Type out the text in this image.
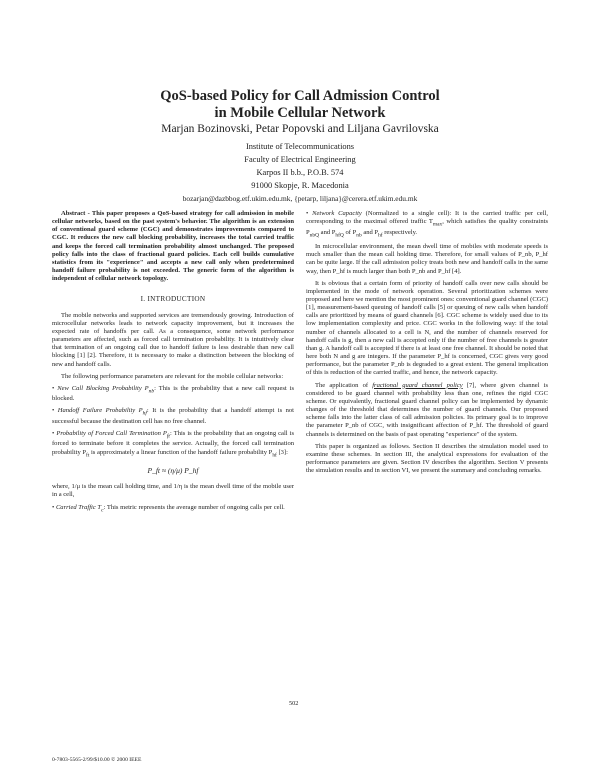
QoS-based Policy for Call Admission Control
in Mobile Cellular Network
Marjan Bozinovski, Petar Popovski and Liljana Gavrilovska
Institute of Telecommunications
Faculty of Electrical Engineering
Karpos II b.b., P.O.B. 574
91000 Skopje, R. Macedonia
bozarjan@dazbbog.etf.ukim.edu.mk, {petarp, liljana}@cerera.etf.ukim.edu.mk

Abstract - This paper proposes a QoS-based strategy for call admission in mobile cellular networks, based on the past system's behavior. The algorithm is an extension of conventional guard scheme (CGC) and demonstrates improvements compared to CGC. It reduces the new call blocking probability, increases the total carried traffic and keeps the forced call termination probability almost unchanged. The proposed policy falls into the class of fractional guard policies. Each cell builds cumulative statistics from its "experience" and accepts a new call only when predetermined handoff failure probability is not exceeded. The generic form of the algorithm is independent of cellular network topology.

I. INTRODUCTION

The mobile networks and supported services are tremendously growing. Introduction of microcellular networks leads to network capacity improvement, but it increases the expected rate of handoffs per call. As a consequence, some network performance parameters are affected, such as forced call termination probability. It is intuitively clear that termination of an ongoing call due to handoff failure is less desirable than new call blocking [1] [2]. Therefore, it is necessary to make a distinction between the blocking of new and handoff calls.

The following performance parameters are relevant for the mobile cellular networks:

• New Call Blocking Probability $P_{nb}$: This is the probability that a new call request is blocked.

• Handoff Failure Probability $P_{hf}$: It is the probability that a handoff attempt is not successful because the destination cell has no free channel.

• Probability of Forced Call Termination $P_{ft}$: This is the probability that an ongoing call is forced to terminate before it completes the service. Actually, the forced call termination probability $P_{ft}$ is approximately a linear function of the handoff failure probability $P_{hf}$ [3]:

P_ft ≈ (η/μ) P_hf

where, 1/μ is the mean call holding time, and 1/η is the mean dwell time of the mobile user in a cell,

• Carried Traffic $T_c$: This metric represents the average number of ongoing calls per cell.

• Network Capacity (Normalized to a single cell): It is the carried traffic per cell, corresponding to the maximal offered traffic $T_{max}$, which satisfies the quality constraints $P_{nbQ}$ and $P_{hfQ}$ of $P_{nb}$ and $P_{hf}$ respectively.

In microcellular environment, the mean dwell time of mobiles with moderate speeds is much smaller than the mean call holding time. Therefore, for small values of P_nb, P_hf can be quite large. If the call admission policy treats both new and handoff calls in the same way, then P_hf is much larger than both P_nb and P_hf [4].

It is obvious that a certain form of priority of handoff calls over new calls should be implemented in the mode of network operation. Several prioritization schemes were proposed and here we mention the most prominent ones: conventional guard channel (CGC) [1], measurement-based queuing of handoff calls [5] or queuing of new calls when handoff calls are prioritized by means of guard channels [6]. CGC scheme is widely used due to its low implementation complexity and price. CGC works in the following way: if the total number of channels allocated to a cell is N, and the number of channels reserved for handoff calls is g, then a new call is accepted only if the number of free channels is greater than g. A handoff call is accepted if there is at least one free channel. It should be noted that here both N and g are integers. If the parameter P_hf is concerned, CGC gives very good performance, but the parameter P_nb is degraded to a great extent. The general implication of this is reduction of the carried traffic, and hence, the network capacity.

The application of fractional guard channel policy [7], where given channel is considered to be guard channel with probability less than one, refines the rigid CGC scheme. Or equivalently, fractional guard channel policy can be implemented by dynamic changes of the threshold that determines the number of guard channels. Our proposed scheme falls into the latter class of call admission policies. Its primary goal is to improve the parameter P_nb of CGC, with insignificant affection of P_hf. The threshold of guard channels is determined on the basis of past operating "experience" of the system.

This paper is organized as follows. Section II describes the simulation model used to examine these schemes. In section III, the analytical expressions for evaluation of the performance parameters are given. Section IV describes the algorithm. Section V presents the simulation results and in section VI, we present the summary and concluding remarks.

502
0-7803-5565-2/99/$10.00 © 2000 IEEE
